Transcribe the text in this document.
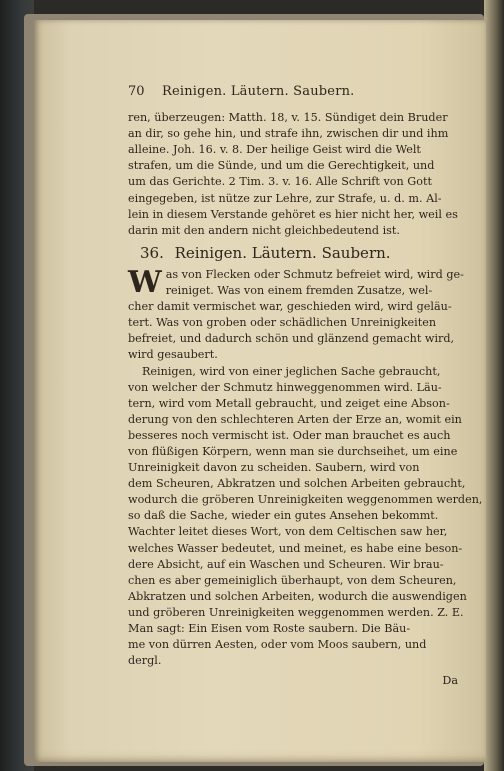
70	Reinigen. Läutern. Saubern.

ren, überzeugen: Matth. 18, v. 15. Sündiget dein Bruder
an dir, so gehe hin, und strafe ihn, zwischen dir und ihm
alleine. Joh. 16. v. 8. Der heilige Geist wird die Welt
strafen, um die Sünde, und um die Gerechtigkeit, und
um das Gerichte. 2 Tim. 3. v. 16. Alle Schrift von Gott
eingegeben, ist nütze zur Lehre, zur Strafe, u. d. m. Al-
lein in diesem Verstande gehöret es hier nicht her, weil es
darin mit den andern nicht gleichbedeutend ist.

36. Reinigen. Läutern. Saubern.

W as von Flecken oder Schmutz befreiet wird, wird ge-
reiniget. Was von einem fremden Zusatze, wel-
cher damit vermischet war, geschieden wird, wird geläu-
tert. Was von groben oder schädlichen Unreinigkeiten
befreiet, und dadurch schön und glänzend gemacht wird,
wird gesaubert.

Reinigen, wird von einer jeglichen Sache gebraucht,
von welcher der Schmutz hinweggenommen wird. Läu-
tern, wird vom Metall gebraucht, und zeiget eine Abson-
derung von den schlechteren Arten der Erze an, womit ein
besseres noch vermischt ist. Oder man brauchet es auch
von flüßigen Körpern, wenn man sie durchseihet, um eine
Unreinigkeit davon zu scheiden. Saubern, wird von
dem Scheuren, Abkratzen und solchen Arbeiten gebraucht,
wodurch die gröberen Unreinigkeiten weggenommen werden,
so daß die Sache, wieder ein gutes Ansehen bekommt.
Wachter leitet dieses Wort, von dem Celtischen saw her,
welches Wasser bedeutet, und meinet, es habe eine beson-
dere Absicht, auf ein Waschen und Scheuren. Wir brau-
chen es aber gemeiniglich überhaupt, von dem Scheuren,
Abkratzen und solchen Arbeiten, wodurch die auswendigen
und gröberen Unreinigkeiten weggenommen werden. Z. E.
Man sagt: Ein Eisen vom Roste saubern. Die Bäu-
me von dürren Aesten, oder vom Moos saubern, und
dergl.

Da
